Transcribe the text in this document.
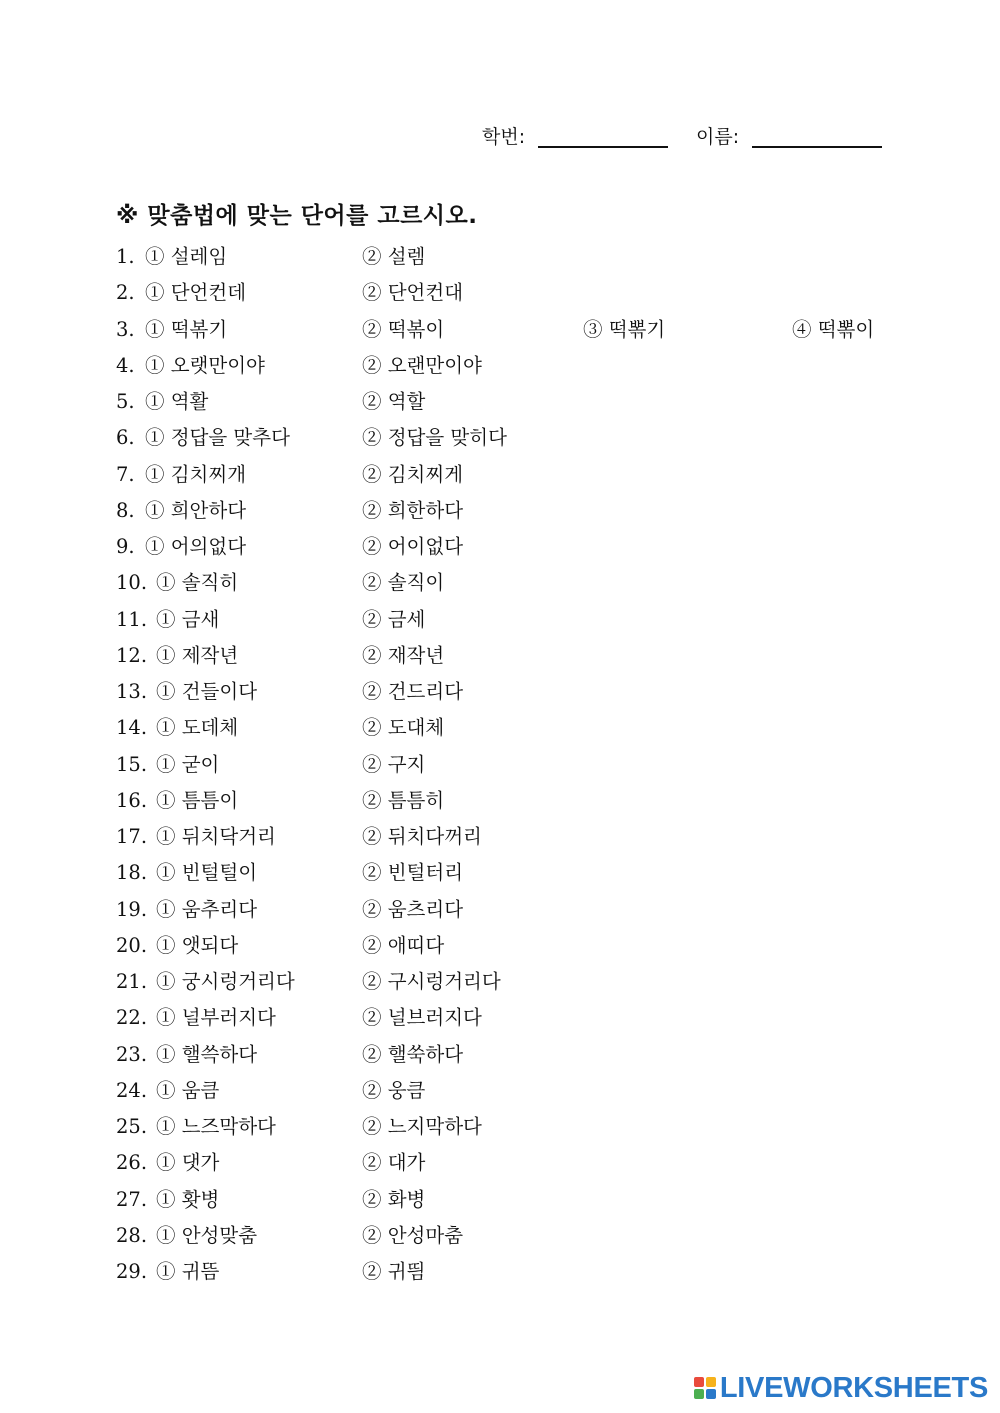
학번:	이름:
※ 맞춤법에 맞는 단어를 고르시오.
1. ① 설레임	② 설렘
2. ① 단언컨데	② 단언컨대
3. ① 떡볶기	② 떡볶이	③ 떡뽂기	④ 떡뽂이
4. ① 오랫만이야	② 오랜만이야
5. ① 역활	② 역할
6. ① 정답을 맞추다	② 정답을 맞히다
7. ① 김치찌개	② 김치찌게
8. ① 희안하다	② 희한하다
9. ① 어의없다	② 어이없다
10. ① 솔직히	② 솔직이
11. ① 금새	② 금세
12. ① 제작년	② 재작년
13. ① 건들이다	② 건드리다
14. ① 도데체	② 도대체
15. ① 굳이	② 구지
16. ① 틈틈이	② 틈틈히
17. ① 뒤치닥거리	② 뒤치다꺼리
18. ① 빈털털이	② 빈털터리
19. ① 움추리다	② 움츠리다
20. ① 앳되다	② 애띠다
21. ① 궁시렁거리다	② 구시렁거리다
22. ① 널부러지다	② 널브러지다
23. ① 핼쓱하다	② 핼쑥하다
24. ① 움큼	② 웅큼
25. ① 느즈막하다	② 느지막하다
26. ① 댓가	② 대가
27. ① 홧병	② 화병
28. ① 안성맞춤	② 안성마춤
29. ① 귀뜸	② 귀띔
LIVEWORKSHEETS
